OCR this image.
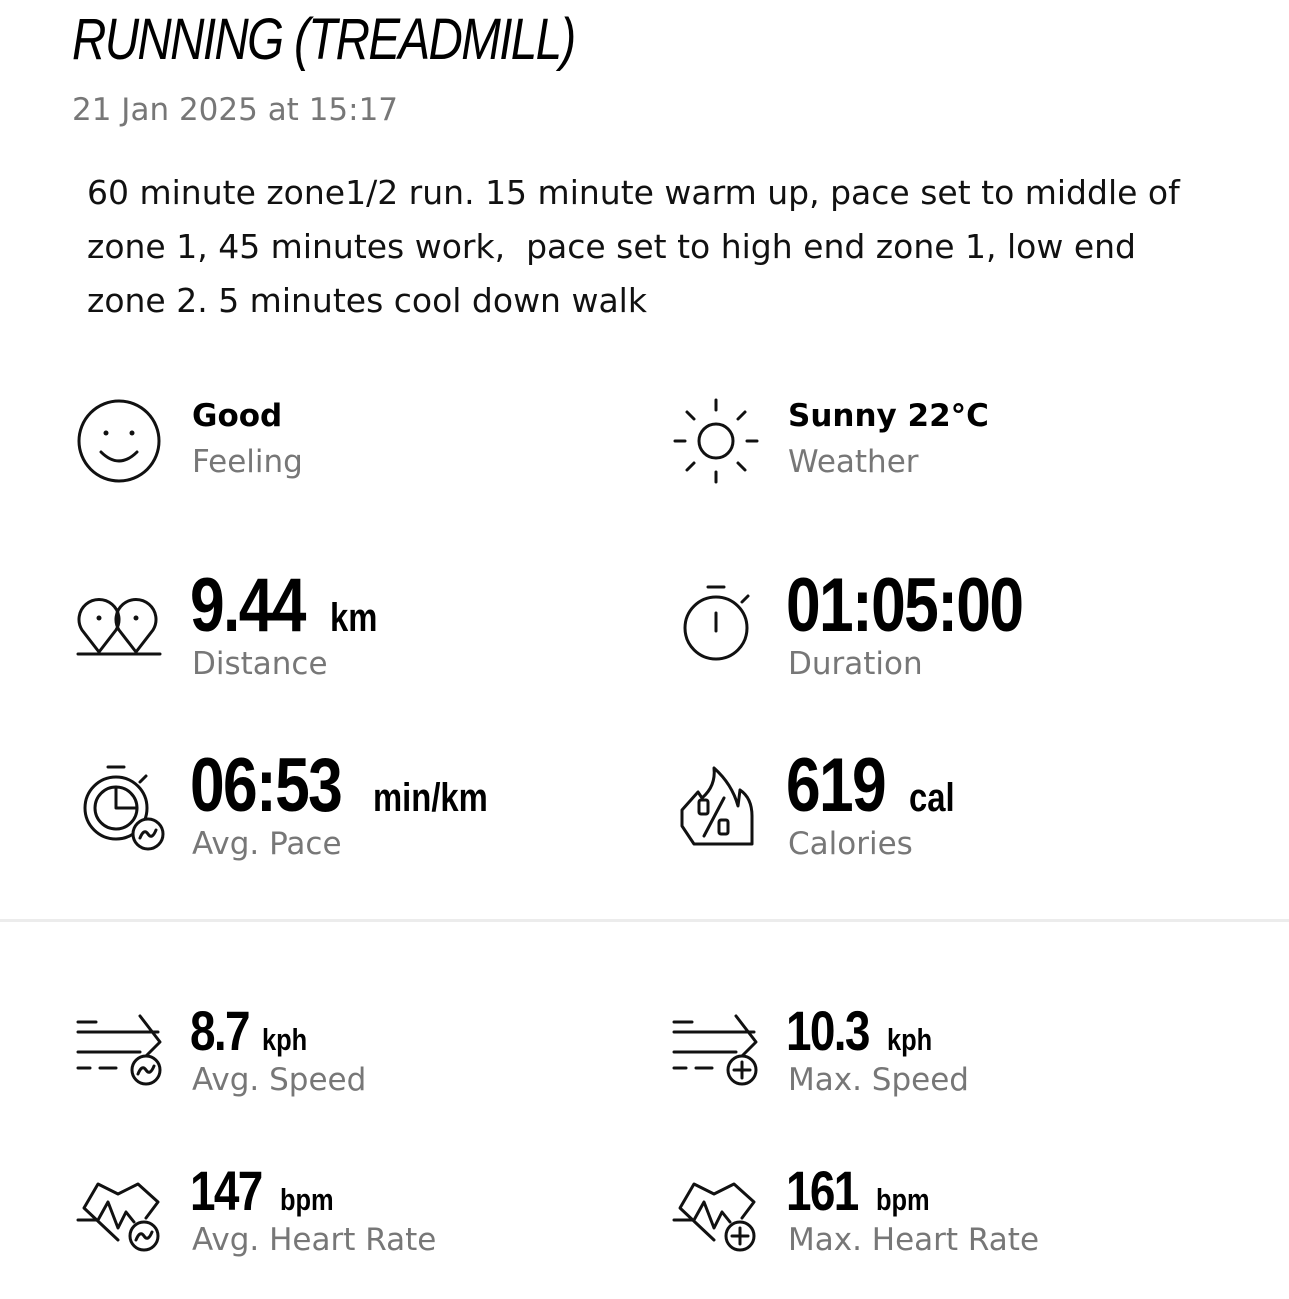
RUNNING (TREADMILL)
21 Jan 2025 at 15:17
60 minute zone1/2 run. 15 minute warm up, pace set to middle of zone 1, 45 minutes work,  pace set to high end zone 1, low end zone 2. 5 minutes cool down walk
Good
Feeling
Sunny 22°C
Weather
9.44 km
Distance
01:05:00
Duration
06:53 min/km
Avg. Pace
619 cal
Calories
8.7 kph
Avg. Speed
10.3 kph
Max. Speed
147 bpm
Avg. Heart Rate
161 bpm
Max. Heart Rate
